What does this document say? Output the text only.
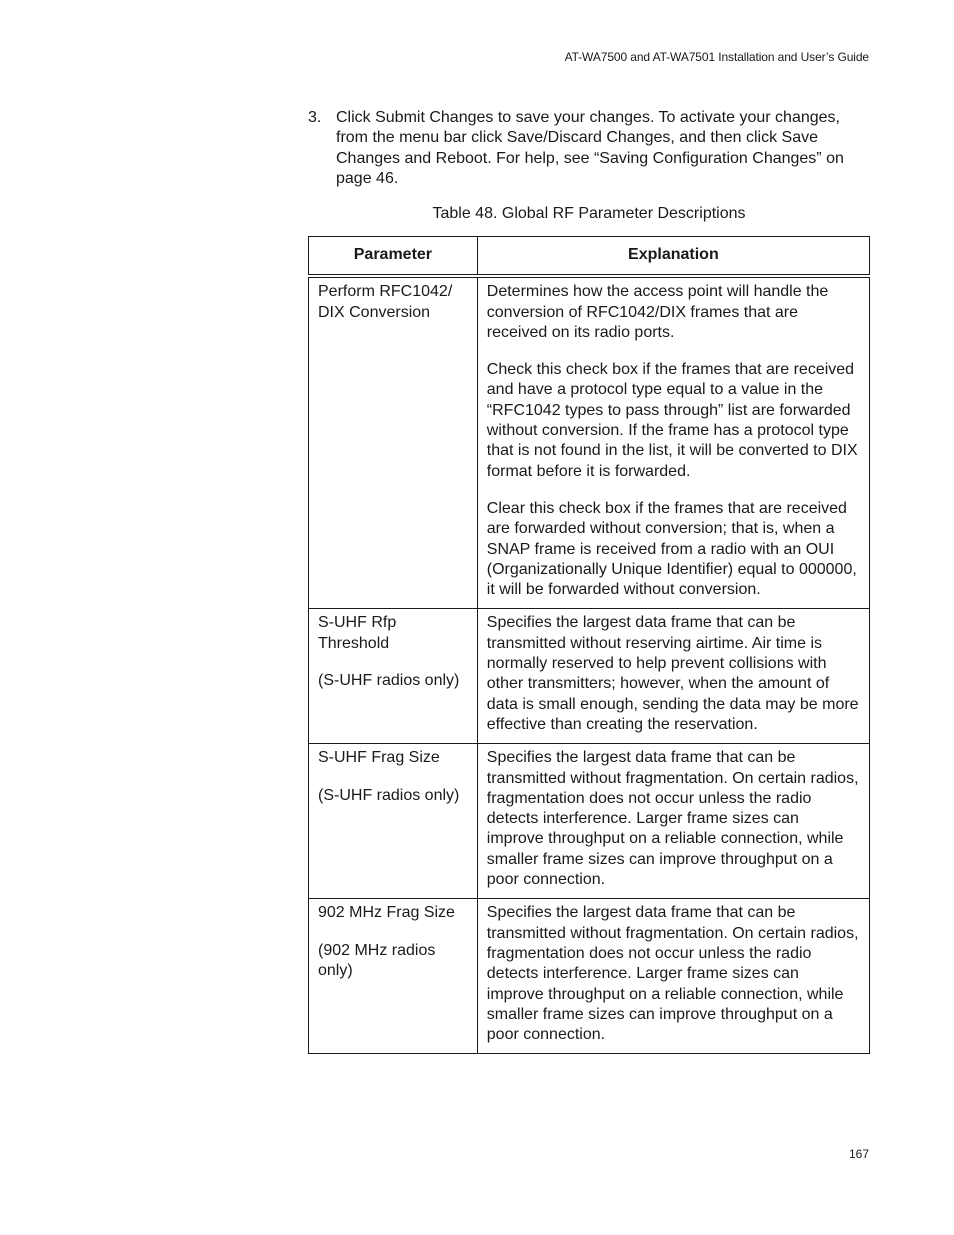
AT-WA7500 and AT-WA7501 Installation and User’s Guide
3. Click Submit Changes to save your changes. To activate your changes, from the menu bar click Save/Discard Changes, and then click Save Changes and Reboot. For help, see “Saving Configuration Changes” on page 46.
Table 48. Global RF Parameter Descriptions
Parameter	Explanation

Perform RFC1042/ DIX Conversion	Determines how the access point will handle the conversion of RFC1042/DIX frames that are received on its radio ports.

Check this check box if the frames that are received and have a protocol type equal to a value in the “RFC1042 types to pass through” list are forwarded without conversion. If the frame has a protocol type that is not found in the list, it will be converted to DIX format before it is forwarded.

Clear this check box if the frames that are received are forwarded without conversion; that is, when a SNAP frame is received from a radio with an OUI (Organizationally Unique Identifier) equal to 000000, it will be forwarded without conversion.

S-UHF Rfp Threshold

(S-UHF radios only)	Specifies the largest data frame that can be transmitted without reserving airtime. Air time is normally reserved to help prevent collisions with other transmitters; however, when the amount of data is small enough, sending the data may be more effective than creating the reservation.

S-UHF Frag Size

(S-UHF radios only)	Specifies the largest data frame that can be transmitted without fragmentation. On certain radios, fragmentation does not occur unless the radio detects interference. Larger frame sizes can improve throughput on a reliable connection, while smaller frame sizes can improve throughput on a poor connection.

902 MHz Frag Size

(902 MHz radios only)	Specifies the largest data frame that can be transmitted without fragmentation. On certain radios, fragmentation does not occur unless the radio detects interference. Larger frame sizes can improve throughput on a reliable connection, while smaller frame sizes can improve throughput on a poor connection.

167
